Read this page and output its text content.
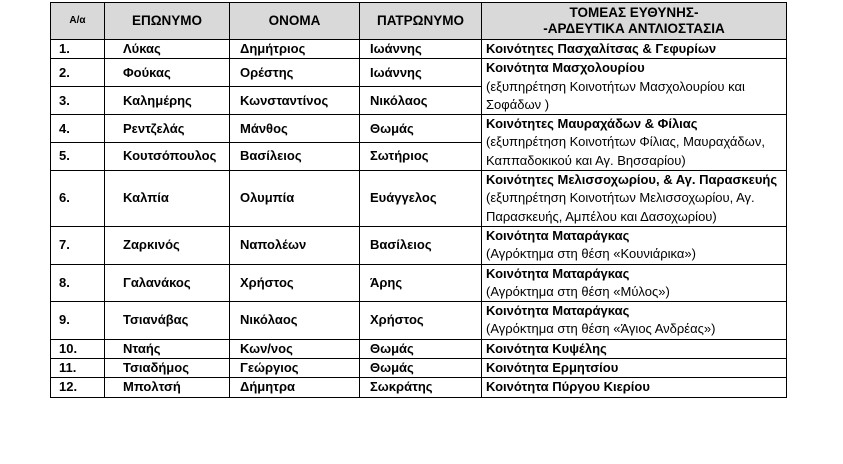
Α/α	ΕΠΩΝΥΜΟ	ΟΝΟΜΑ	ΠΑΤΡΩΝΥΜΟ	ΤΟΜΕΑΣ ΕΥΘΥΝΗΣ-
-ΑΡΔΕΥΤΙΚΑ ΑΝΤΛΙΟΣΤΑΣΙΑ

1.	Λύκας	Δημήτριος	Ιωάννης	Κοινότητες Πασχαλίτσας & Γεφυρίων
2.	Φούκας	Ορέστης	Ιωάννης	Κοινότητα Μασχολουρίου
(εξυπηρέτηση Κοινοτήτων Μασχολουρίου και Σοφάδων )
3.	Καλημέρης	Κωνσταντίνος	Νικόλαος	
4.	Ρεντζελάς	Μάνθος	Θωμάς	Κοινότητες Μαυραχάδων & Φίλιας
(εξυπηρέτηση Κοινοτήτων Φίλιας, Μαυραχάδων, Καππαδοκικού και Αγ. Βησσαρίου)
5.	Κουτσόπουλος	Βασίλειος	Σωτήριος	
6.	Καλπία	Ολυμπία	Ευάγγελος	Κοινότητες Μελισσοχωρίου, & Αγ. Παρασκευής (εξυπηρέτηση Κοινοτήτων Μελισσοχωρίου, Αγ. Παρασκευής, Αμπέλου και Δασοχωρίου)
7.	Ζαρκινός	Ναπολέων	Βασίλειος	Κοινότητα Ματαράγκας
(Αγρόκτημα στη θέση «Κουνιάρικα»)
8.	Γαλανάκος	Χρήστος	Άρης	Κοινότητα Ματαράγκας
(Αγρόκτημα στη θέση «Μύλος»)
9.	Τσιανάβας	Νικόλαος	Χρήστος	Κοινότητα Ματαράγκας
(Αγρόκτημα στη θέση «Άγιος Ανδρέας»)
10.	Νταής	Κων/νος	Θωμάς	Κοινότητα Κυψέλης
11.	Τσιαδήμος	Γεώργιος	Θωμάς	Κοινότητα Ερμητσίου
12.	Μπολτσή	Δήμητρα	Σωκράτης	Κοινότητα Πύργου Κιερίου
